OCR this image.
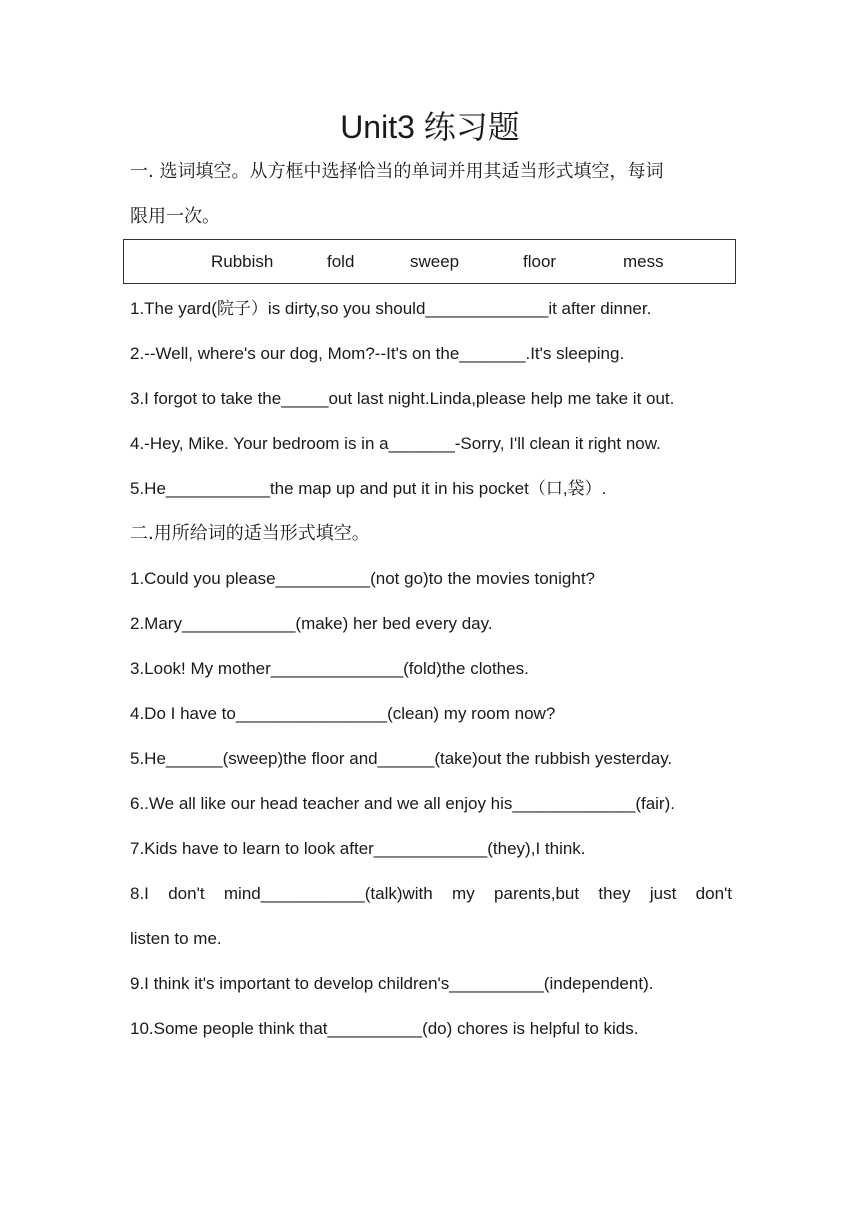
Unit3 练习题
一. 选词填空。从方框中选择恰当的单词并用其适当形式填空，每词
限用一次。
Rubbish	fold	sweep	floor	mess
1.The yard(院子）is dirty,so you should_____________it after dinner.
2.--Well, where's our dog, Mom?--It's on the_______.It's sleeping.
3.I forgot to take the_____out last night.Linda,please help me take it out.
4.-Hey, Mike. Your bedroom is in a_______-Sorry, I'll clean it right now.
5.He___________the map up and put it in his pocket（口,袋）.
二.用所给词的适当形式填空。
1.Could you please__________(not go)to the movies tonight?
2.Mary____________(make) her bed every day.
3.Look! My mother______________(fold)the clothes.
4.Do I have to________________(clean) my room now?
5.He______(sweep)the floor and______(take)out the rubbish yesterday.
6..We all like our head teacher and we all enjoy his_____________(fair).
7.Kids have to learn to look after____________(they),I think.
8.I don't mind___________(talk)with my parents,but they just don't
listen to me.
9.I think it's important to develop children's__________(independent).
10.Some people think that__________(do) chores is helpful to kids.
